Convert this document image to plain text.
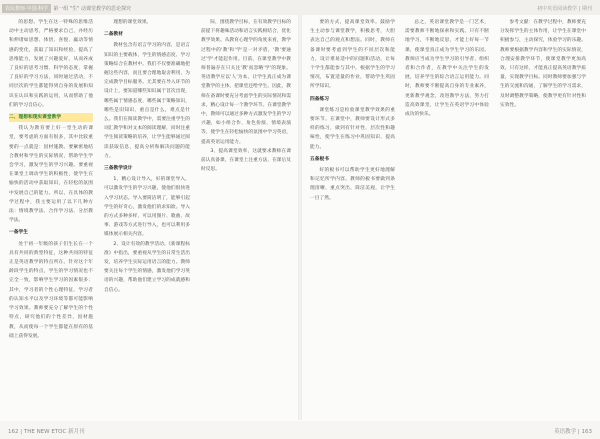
农民教师·中国·科学	第一组 "生" 动课堂教学的思论探究	初中英语阅读教学 | 期刊

的思想。学生在这一特殊的思维活动中主动思考，严格要求自己，并经历和伸诸如思想、体悟、喜悦、赢动等情感的变化，获取了知识和经验，提高了思维能力，发展了兴趣爱好，从而养成了良好的思考习惯、科学的态度、掌握了良好的学习方法，同时通过活动，不同层次的学生都能得到自身的发展和知识在认识和实践的运用，从而帮助了他们的学习自信心。

二、理想和现实课堂教学

我认为教育要上好一堂生动的课堂，要考虑的方面有很多，其中比较重要的一点就是：因材施教。要紧密地结合教材和学生的实际情况，帮助学生学会学习，激发学生的学习兴趣。要重视在课堂上调动学生的积极性，使学生在愉快的活动中获取知识，在轻松的氛围中发展自己的能力。所以，在具体的教学过程中，我主要运用了以下几种方法：情境教学法、合作学习法、分层教学法。

一备学生

处于初一年级的孩子们生长在一个具有共同的典型特征，这种共同的特征正是英语教学的特点所在。针对这个年龄段学生的特点，学生的学习情况也不完全一致，影响学生学习的因素很多：其中，学习者的个性心理特征、学习者的认知水平以及学习环境等都可能影响学习效果。教师要充分了解学生的个性特点，研究他们的个性差异，因材施教，从而使每一个学生都能在原有的基础上获得发展。

理想的课堂效果。

二备教材

教材包含有语言学习的内容，是语言知识的主要载体，学生的情感态度、学习策略综合在教材中。我们不仅要准确地把握这些内容，而且要合理地取舍利用，为完成教学目标服务。尤其要在导入环节的设计上，要知道哪些知识属于首次出现，哪些属于情感态度、哪些属于策略知识，哪些是旧知识、重点是什么，难点是什么。我们在阅读教学中，需要注重学生的词汇教学和对文本的阅读理解，同时注重学生阅读策略的培养，让学生能够通过阅读获取信息，提高分析和解决问题的能力。

三备教学设计

1、精心设计导入，好的课堂导入，可以激发学生的学习兴趣，使他们很快进入学习状态。导入要简洁明了，能够引起学生的好奇心，激发他们的求知欲。导入的方式多种多样，可以用图片、歌曲、故事、游戏等方式进行导入，也可以利用多媒体展示相关内容。

2、设计有效的教学活动。《新课程标准》中指出，要重视从学生的日常生活出发，培养学生实际运用语言的能力。教师要关注每个学生的情感，激发他们学习英语的兴趣，帮助他们建立学习的成就感和自信心。

际，围绕教学目标，在有效教学目标的前提下将趣味活动和语言实践相结合，优化教学效果。从教育心理学的角度来看，教学过程中的'教'和'学'是一对矛盾，'教'要通过'学'才能起作用。目前，在课堂教学中教师普遍存在只关注'教'而忽略'学'的现象。英语教学应以'人'为本，让学生真正成为课堂教学的主体，把课堂还给学生。因此，教师在备课时要充分考虑学生的实际情况和需求，精心设计每一个教学环节。在课堂教学中，教师可以通过多种方式激发学生的学习兴趣，如小组合作、角色扮演、情境表演等，使学生在轻松愉快的氛围中学习英语，提高英语运用能力。

3、提高课堂效率，这就要求教师在课前认真备课，在课堂上注重方法，在课后及时反思。

要的方式，提高课堂效率。鼓励学生主动参与课堂教学，积极思考，大胆表达自己的观点和想法。同时，教师在备课时要考虑到学生的不同层次和能力，设计难易适中的问题和活动，让每个学生都能参与其中。根据学生的学习情况，布置适量的作业，帮助学生巩固所学知识。

四备练习

课堂练习是检验课堂教学效果的重要环节。在课堂中，教师要设计形式多样的练习，做到有针对性、层次性和趣味性，使学生在练习中巩固知识、提高能力。

五备板书

好的板书可以帮助学生更好地理解和记忆所学内容。教师的板书要做到条理清晰、重点突出、简洁美观，让学生一目了然。

总之，英语课堂教学是一门艺术，需要教师不断地探索和实践。只有不断地学习，不断地反思，才能上好每一节课，使课堂真正成为学生学习的乐园。教师应当成为学生学习的引导者、组织者和合作者，在教学中关注学生的发展，培养学生的综合语言运用能力。同时，教师要不断提高自身的专业素养，更新教学观念，改进教学方法，努力打造高效课堂，让学生在英语学习中体验成功的快乐。

参考文献：在教学过程中，教师要充分发挥学生的主体作用，让学生在课堂中积极参与，主动探究，体验学习的乐趣。教师要根据教学内容和学生的实际情况，合理安排教学环节，使课堂教学更加高效。只有这样，才能真正提高英语教学质量，实现教学目标。同时教师要加强与学生的交流和沟通，了解学生的学习需求，及时调整教学策略，使教学更有针对性和实效性。

162 | THE NEW ETOC 新月刊	英语教学 | 163
